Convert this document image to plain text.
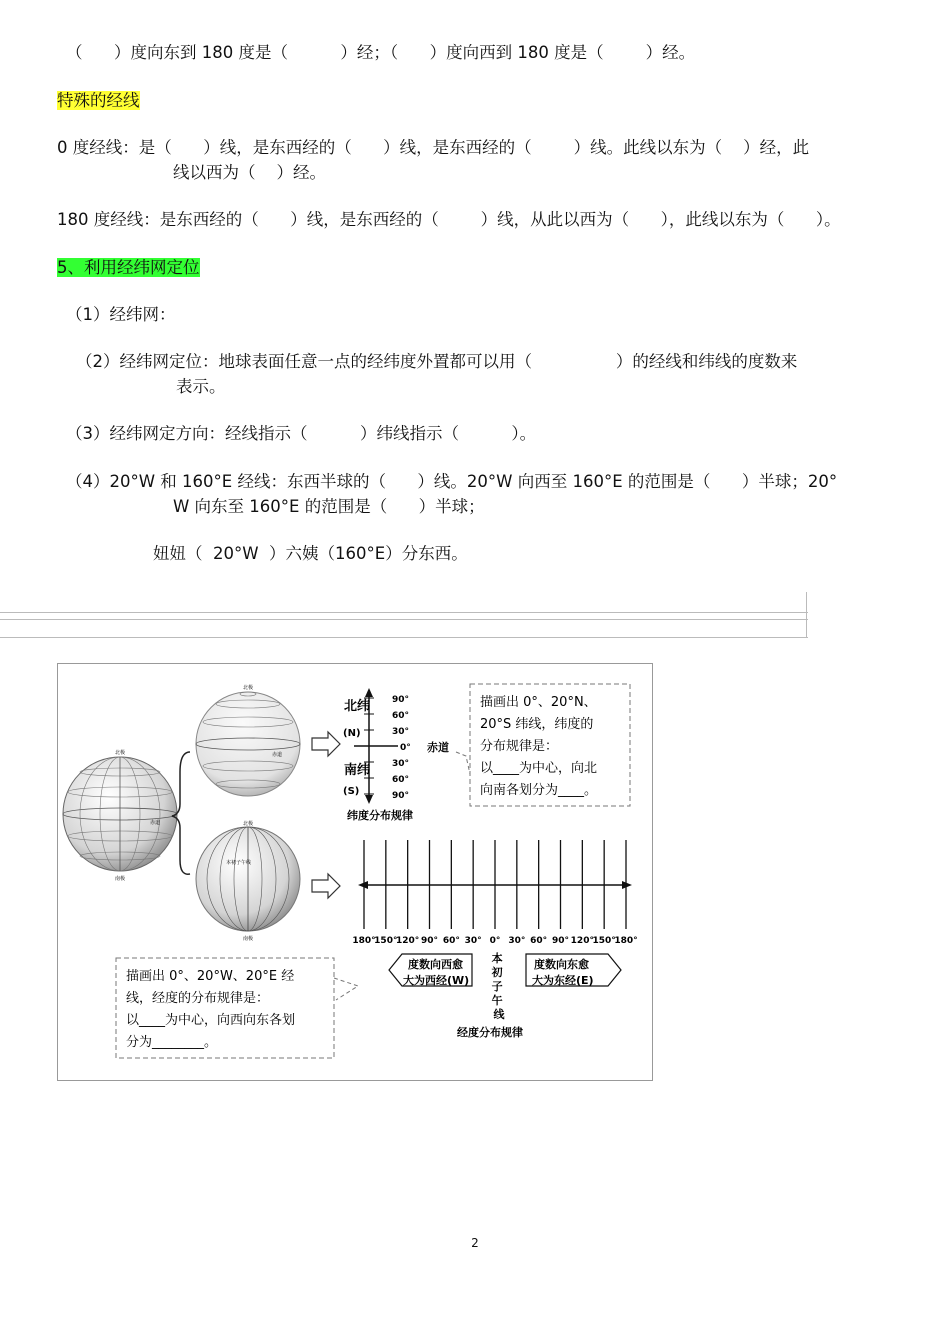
（      ）度向东到 180 度是（          ）经；（      ）度向西到 180 度是（        ）经。
特殊的经线
0 度经线：是（      ）线，是东西经的（      ）线，是东西经的（        ）线。此线以东为（    ）经，此
线以西为（    ）经。
180 度经线：是东西经的（      ）线，是东西经的（        ）线，从此以西为（      ），此线以东为（      ）。
5、利用经纬网定位
（1）经纬网：
（2）经纬网定位：地球表面任意一点的经纬度外置都可以用（                ）的经线和纬线的度数来
表示。
（3）经纬网定方向：经线指示（          ）纬线指示（          ）。
（4）20°W 和 160°E 经线：东西半球的（      ）线。20°W 向西至 160°E 的范围是（      ）半球；20°
W 向东至 160°E 的范围是（      ）半球；
妞妞（  20°W  ）六姨（160°E）分东西。
北极
南极
赤道
北极
赤道
北极
南极
本初子午线
90°
60°
30°
0°
30°
60°
90°
北纬
(N)
南纬
(S)
赤道
纬度分布规律
描画出 0°、20°N、
20°S 纬线，纬度的
分布规律是：
以____为中心，向北
向南各划分为____。
180°
150°
120° 90° 60° 30° 0° 30° 60° 90° 120°
150°
180°
度数向西愈
大为西经(W)
度数向东愈
大为东经(E)
本 初 子 午 线
经度分布规律
描画出 0°、20°W、20°E 经
线，经度的分布规律是：
以____为中心，向西向东各划
分为________。
2
